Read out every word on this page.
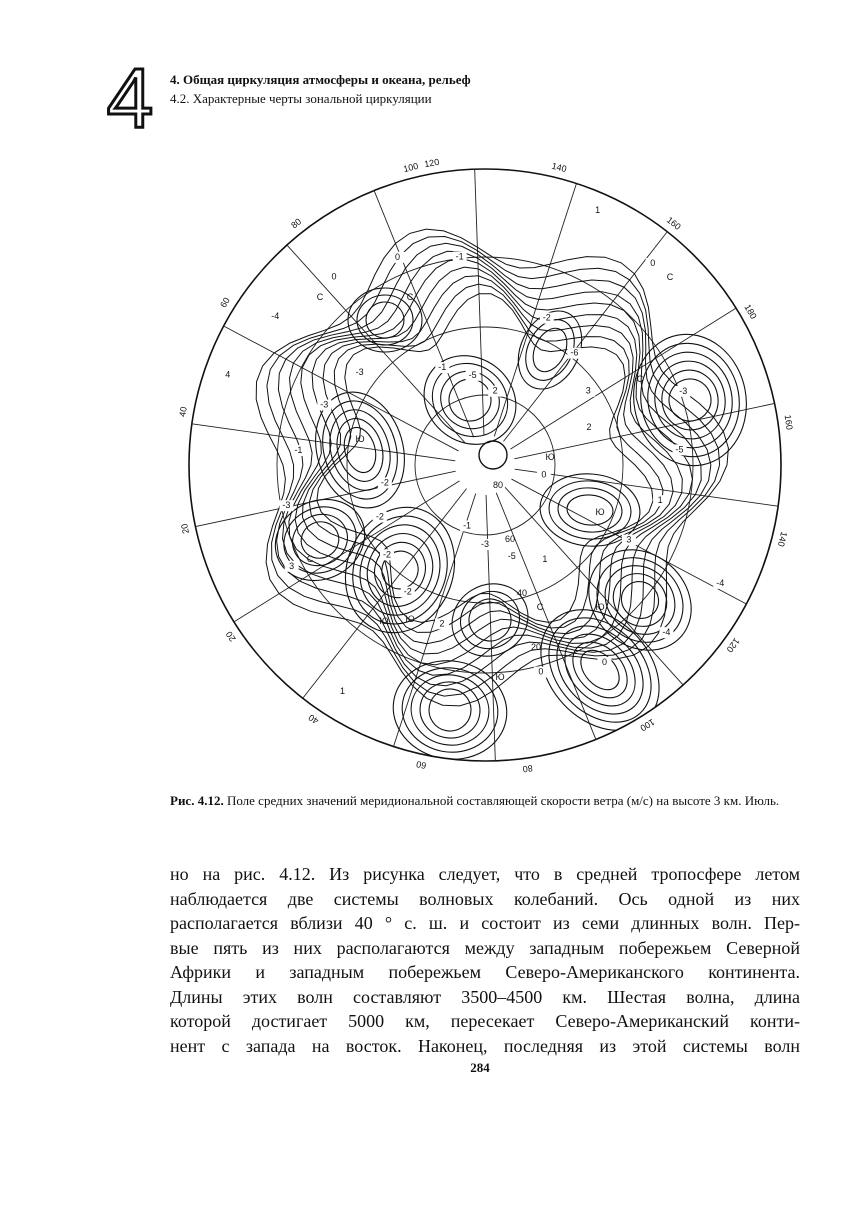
4 4. Общая циркуляция атмосферы и океана, рельеф
4.2. Характерные черты зональной циркуляции
120	140
160
180
160
140
120
100
80
60
40
20
20
40
60
80
100
80
60
40
20
С
С
С
С
Ю
Ю
Ю
Ю
Ю
Ю
Ю
С
С
0
1
2
3
4
-1
-2
-3
-4
-5
-2
-3
-4
-5
-6
-5
-4
-3
-2
-1
0
2	3
1
0
-1
-2
-3
0
1
2
3
0
1
-2
-3
-1
0
Рис. 4.12. Поле средних значений меридиональной составляющей скорости ветра (м/с) на высоте 3 км. Июль.
но на рис. 4.12. Из рисунка следует, что в средней тропосфере летом
наблюдается две системы волновых колебаний. Ось одной из них
располагается вблизи 40 ° с. ш. и состоит из семи длинных волн. Пер-
вые пять из них располагаются между западным побережьем Северной
Африки и западным побережьем Северо-Американского континента.
Длины этих волн составляют 3500–4500 км. Шестая волна, длина
которой достигает 5000 км, пересекает Северо-Американский конти-
нент с запада на восток. Наконец, последняя из этой системы волн
284
